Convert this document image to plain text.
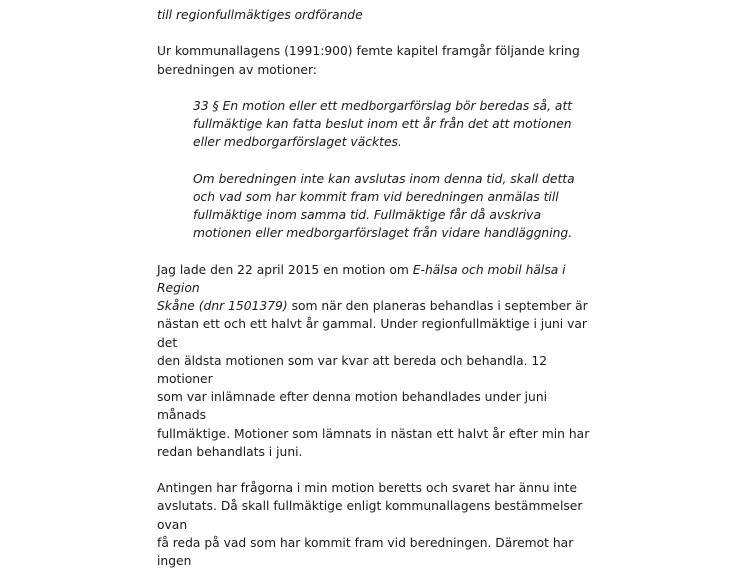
till regionfullmäktiges ordförande

Ur kommunallagens (1991:900) femte kapitel framgår följande kring
beredningen av motioner:
33 § En motion eller ett medborgarförslag bör beredas så, att
fullmäktige kan fatta beslut inom ett år från det att motionen
eller medborgarförslaget väcktes.
Om beredningen inte kan avslutas inom denna tid, skall detta
och vad som har kommit fram vid beredningen anmälas till
fullmäktige inom samma tid. Fullmäktige får då avskriva
motionen eller medborgarförslaget från vidare handläggning.
Jag lade den 22 april 2015 en motion om E-hälsa och mobil hälsa i Region
Skåne (dnr 1501379) som när den planeras behandlas i september är
nästan ett och ett halvt år gammal. Under regionfullmäktige i juni var det
den äldsta motionen som var kvar att bereda och behandla. 12 motioner
som var inlämnade efter denna motion behandlades under juni månads
fullmäktige. Motioner som lämnats in nästan ett halvt år efter min har
redan behandlats i juni.
Antingen har frågorna i min motion beretts och svaret har ännu inte
avslutats. Då skall fullmäktige enligt kommunallagens bestämmelser ovan
få reda på vad som har kommit fram vid beredningen. Däremot har ingen
